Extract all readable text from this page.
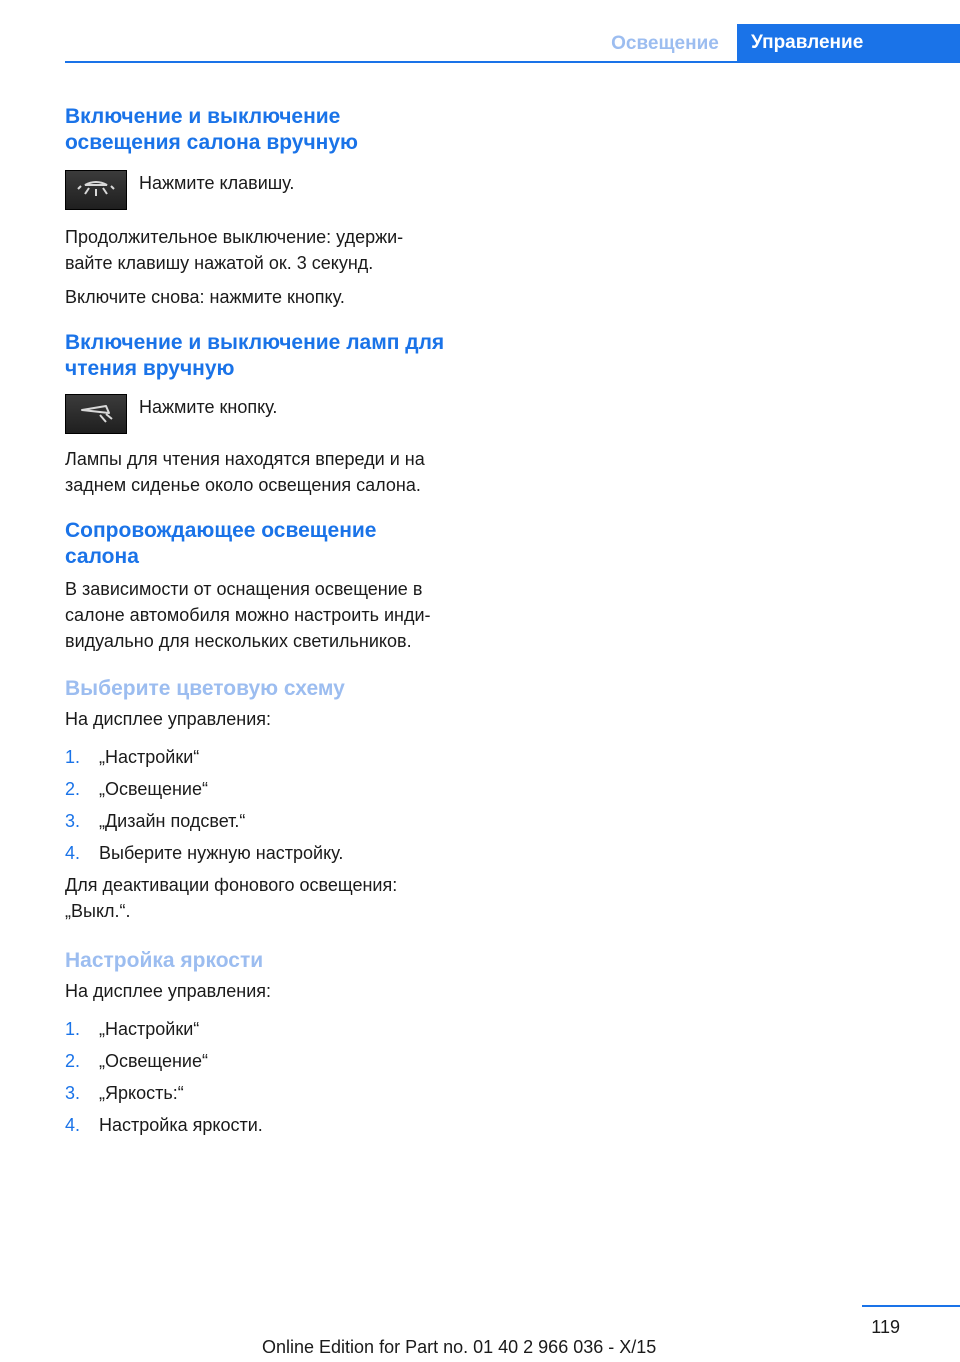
Освещение	Управление
Включение и выключение
освещения салона вручную

Нажмите клавишу.

Продолжительное выключение: удержи-
вайте клавишу нажатой ок. 3 секунд.

Включите снова: нажмите кнопку.

Включение и выключение ламп для
чтения вручную

Нажмите кнопку.

Лампы для чтения находятся впереди и на
заднем сиденье около освещения салона.

Сопровождающее освещение
салона

В зависимости от оснащения освещение в
салоне автомобиля можно настроить инди-
видуально для нескольких светильников.

Выберите цветовую схему

На дисплее управления:

1.	„Настройки“
2.	„Освещение“
3.	„Дизайн подсвет.“
4.	Выберите нужную настройку.

Для деактивации фонового освещения:
„Выкл.“.

Настройка яркости

На дисплее управления:

1.	„Настройки“
2.	„Освещение“
3.	„Яркость:“
4.	Настройка яркости.
119
Online Edition for Part no. 01 40 2 966 036 - X/15
